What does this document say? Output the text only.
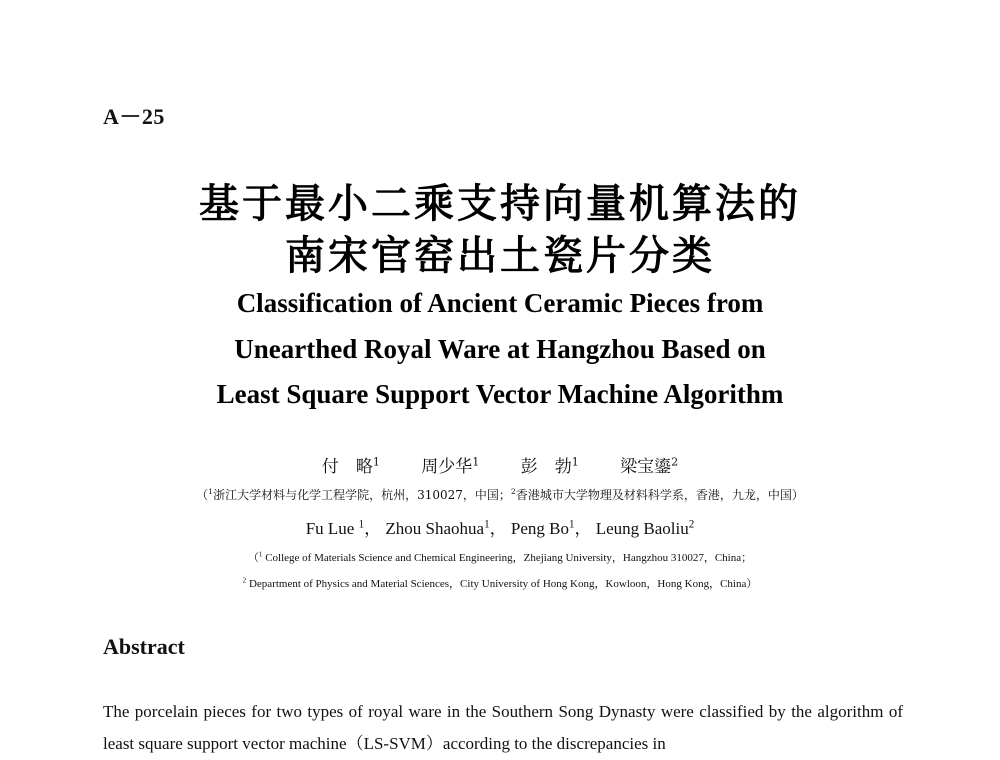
A－25
基于最小二乘支持向量机算法的
南宋官窑出土瓷片分类
Classification of Ancient Ceramic Pieces from
Unearthed Royal Ware at Hangzhou Based on
Least Square Support Vector Machine Algorithm
付　略$^1$ 周少华$^1$ 彭　勃$^1$ 梁宝鎏$^2$
（$^1$浙江大学材料与化学工程学院，杭州，310027，中国；$^2$香港城市大学物理及材料科学系，香港，九龙，中国）
Fu Lue $^1$， Zhou Shaohua$^1$， Peng Bo$^1$， Leung Baoliu$^2$
（$^1$ College of Materials Science and Chemical Engineering，Zhejiang University，Hangzhou 310027，China；
$^2$ Department of Physics and Material Sciences，City University of Hong Kong，Kowloon，Hong Kong，China）
Abstract
The porcelain pieces for two types of royal ware in the Southern Song Dynasty were classified by the algorithm of least square support vector machine（LS-SVM）according to the discrepancies in
